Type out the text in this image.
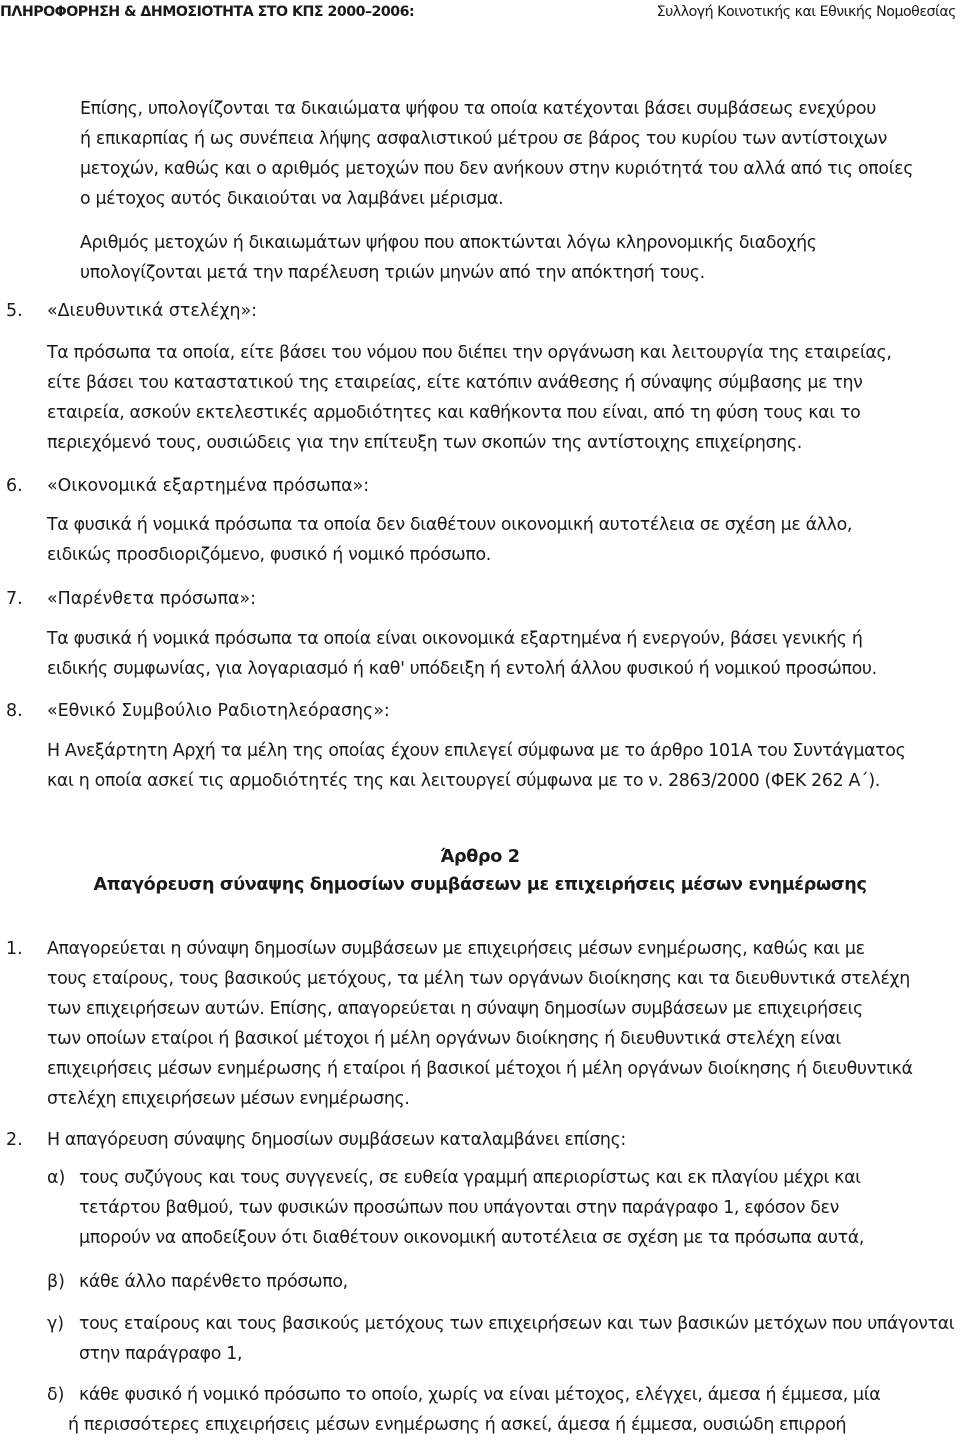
ΠΛΗΡΟΦΟΡΗΣΗ & ΔΗΜΟΣΙΟΤΗΤΑ ΣΤΟ ΚΠΣ 2000–2006:	Συλλογή Κοινοτικής και Εθνικής Νομοθεσίας
Επίσης, υπολογίζονται τα δικαιώματα ψήφου τα οποία κατέχονται βάσει συμβάσεως ενεχύρου
ή επικαρπίας ή ως συνέπεια λήψης ασφαλιστικού μέτρου σε βάρος του κυρίου των αντίστοιχων
μετοχών, καθώς και ο αριθμός μετοχών που δεν ανήκουν στην κυριότητά του αλλά από τις οποίες
ο μέτοχος αυτός δικαιούται να λαμβάνει μέρισμα.
Αριθμός μετοχών ή δικαιωμάτων ψήφου που αποκτώνται λόγω κληρονομικής διαδοχής
υπολογίζονται μετά την παρέλευση τριών μηνών από την απόκτησή τους.
5. «Διευθυντικά στελέχη»:
Τα πρόσωπα τα οποία, είτε βάσει του νόμου που διέπει την οργάνωση και λειτουργία της εταιρείας,
είτε βάσει του καταστατικού της εταιρείας, είτε κατόπιν ανάθεσης ή σύναψης σύμβασης με την
εταιρεία, ασκούν εκτελεστικές αρμοδιότητες και καθήκοντα που είναι, από τη φύση τους και το
περιεχόμενό τους, ουσιώδεις για την επίτευξη των σκοπών της αντίστοιχης επιχείρησης.
6. «Οικονομικά εξαρτημένα πρόσωπα»:
Τα φυσικά ή νομικά πρόσωπα τα οποία δεν διαθέτουν οικονομική αυτοτέλεια σε σχέση με άλλο,
ειδικώς προσδιοριζόμενο, φυσικό ή νομικό πρόσωπο.
7. «Παρένθετα πρόσωπα»:
Τα φυσικά ή νομικά πρόσωπα τα οποία είναι οικονομικά εξαρτημένα ή ενεργούν, βάσει γενικής ή
ειδικής συμφωνίας, για λογαριασμό ή καθ' υπόδειξη ή εντολή άλλου φυσικού ή νομικού προσώπου.
8. «Εθνικό Συμβούλιο Ραδιοτηλεόρασης»:
Η Ανεξάρτητη Αρχή τα μέλη της οποίας έχουν επιλεγεί σύμφωνα με το άρθρο 101Α του Συντάγματος
και η οποία ασκεί τις αρμοδιότητές της και λειτουργεί σύμφωνα με το ν. 2863/2000 (ΦΕΚ 262 Α΄).
Άρθρο 2
Απαγόρευση σύναψης δημοσίων συμβάσεων με επιχειρήσεις μέσων ενημέρωσης
1. Απαγορεύεται η σύναψη δημοσίων συμβάσεων με επιχειρήσεις μέσων ενημέρωσης, καθώς και με
τους εταίρους, τους βασικούς μετόχους, τα μέλη των οργάνων διοίκησης και τα διευθυντικά στελέχη
των επιχειρήσεων αυτών. Επίσης, απαγορεύεται η σύναψη δημοσίων συμβάσεων με επιχειρήσεις
των οποίων εταίροι ή βασικοί μέτοχοι ή μέλη οργάνων διοίκησης ή διευθυντικά στελέχη είναι
επιχειρήσεις μέσων ενημέρωσης ή εταίροι ή βασικοί μέτοχοι ή μέλη οργάνων διοίκησης ή διευθυντικά
στελέχη επιχειρήσεων μέσων ενημέρωσης.
2. Η απαγόρευση σύναψης δημοσίων συμβάσεων καταλαμβάνει επίσης:
α) τους συζύγους και τους συγγενείς, σε ευθεία γραμμή απεριορίστως και εκ πλαγίου μέχρι και
τετάρτου βαθμού, των φυσικών προσώπων που υπάγονται στην παράγραφο 1, εφόσον δεν
μπορούν να αποδείξουν ότι διαθέτουν οικονομική αυτοτέλεια σε σχέση με τα πρόσωπα αυτά,
β) κάθε άλλο παρένθετο πρόσωπο,
γ) τους εταίρους και τους βασικούς μετόχους των επιχειρήσεων και των βασικών μετόχων που υπάγονται
στην παράγραφο 1,
δ) κάθε φυσικό ή νομικό πρόσωπο το οποίο, χωρίς να είναι μέτοχος, ελέγχει, άμεσα ή έμμεσα, μία
ή περισσότερες επιχειρήσεις μέσων ενημέρωσης ή ασκεί, άμεσα ή έμμεσα, ουσιώδη επιρροή
